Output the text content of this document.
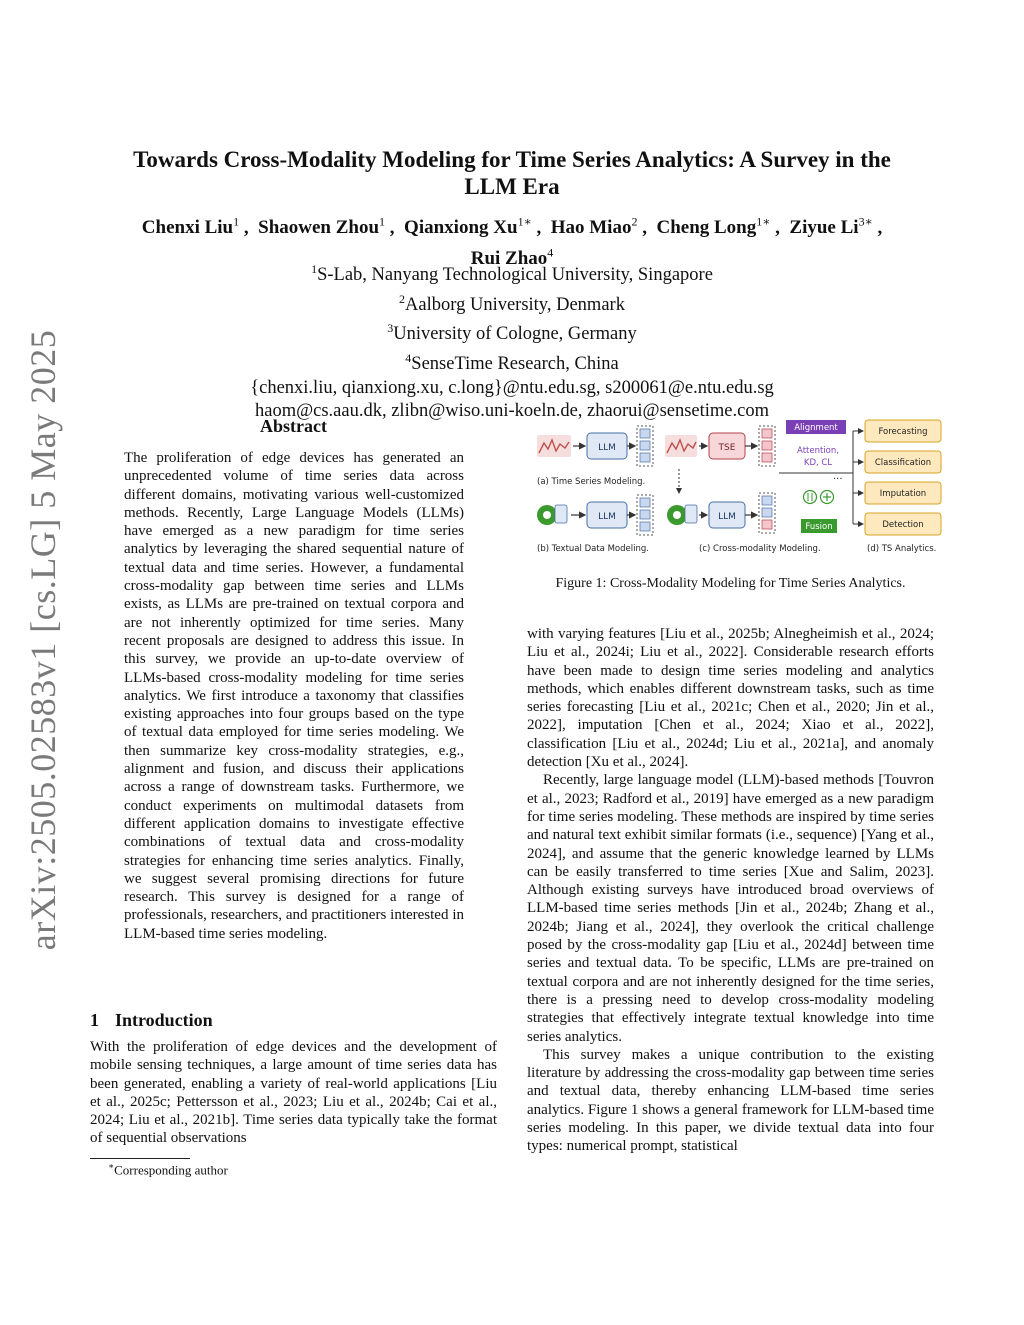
arXiv:2505.02583v1 [cs.LG] 5 May 2025
Towards Cross-Modality Modeling for Time Series Analytics: A Survey in the
LLM Era
Chenxi Liu$^1$ ,  Shaowen Zhou$^1$ ,  Qianxiong $Xu^{1∗}$ ,  Hao Miao$^2$ ,  Cheng Long$^{1∗}$ ,  Ziyue $Li^{3∗}$ ,
Rui Zhao$^4$
$^1$S-Lab, Nanyang Technological University, Singapore
$^2$Aalborg University, Denmark
$^3$University of Cologne, Germany
$^4$SenseTime Research, China
{chenxi.liu, qianxiong.xu, c.long}@ntu.edu.sg, s200061@e.ntu.edu.sg
haom@cs.aau.dk, zlibn@wiso.uni-koeln.de, zhaorui@sensetime.com
Abstract

The proliferation of edge devices has generated an unprecedented volume of time series data across different domains, motivating various well-customized methods. Recently, Large Language Models (LLMs) have emerged as a new paradigm for time series analytics by leveraging the shared sequential nature of textual data and time series. However, a fundamental cross-modality gap between time series and LLMs exists, as LLMs are pre-trained on textual corpora and are not inherently optimized for time series. Many recent proposals are designed to address this issue. In this survey, we provide an up-to-date overview of LLMs-based cross-modality modeling for time series analytics. We first introduce a taxonomy that classifies existing approaches into four groups based on the type of textual data employed for time series modeling. We then summarize key cross-modality strategies, e.g., alignment and fusion, and discuss their applications across a range of downstream tasks. Furthermore, we conduct experiments on multimodal datasets from different application domains to investigate effective combinations of textual data and cross-modality strategies for enhancing time series analytics. Finally, we suggest several promising directions for future research. This survey is designed for a range of professionals, researchers, and practitioners interested in LLM-based time series modeling.

1 Introduction

With the proliferation of edge devices and the development of mobile sensing techniques, a large amount of time series data has been generated, enabling a variety of real-world applications [Liu et al., 2025c; Pettersson et al., 2023; Liu et al., 2024b; Cai et al., 2024; Liu et al., 2021b]. Time series data typically take the format of sequential observations

∗Corresponding author
LLM
(a) Time Series Modeling.
LLM
(b) Textual Data Modeling.
TSE
LLM
Alignment
Attention,
KD, CL
···
Fusion
Forecasting
Classification
Imputation
Detection
(c) Cross-modality Modeling.	(d) TS Analytics.
Figure 1: Cross-Modality Modeling for Time Series Analytics.

with varying features [Liu et al., 2025b; Alnegheimish et al., 2024; Liu et al., 2024i; Liu et al., 2022]. Considerable research efforts have been made to design time series modeling and analytics methods, which enables different downstream tasks, such as time series forecasting [Liu et al., 2021c; Chen et al., 2020; Jin et al., 2022], imputation [Chen et al., 2024; Xiao et al., 2022], classification [Liu et al., 2024d; Liu et al., 2021a], and anomaly detection [Xu et al., 2024].

Recently, large language model (LLM)-based methods [Touvron et al., 2023; Radford et al., 2019] have emerged as a new paradigm for time series modeling. These methods are inspired by time series and natural text exhibit similar formats (i.e., sequence) [Yang et al., 2024], and assume that the generic knowledge learned by LLMs can be easily transferred to time series [Xue and Salim, 2023]. Although existing surveys have introduced broad overviews of LLM-based time series methods [Jin et al., 2024b; Zhang et al., 2024b; Jiang et al., 2024], they overlook the critical challenge posed by the cross-modality gap [Liu et al., 2024d] between time series and textual data. To be specific, LLMs are pre-trained on textual corpora and are not inherently designed for the time series, there is a pressing need to develop cross-modality modeling strategies that effectively integrate textual knowledge into time series analytics.

This survey makes a unique contribution to the existing literature by addressing the cross-modality gap between time series and textual data, thereby enhancing LLM-based time series analytics. Figure 1 shows a general framework for LLM-based time series modeling. In this paper, we divide textual data into four types: numerical prompt, statistical
